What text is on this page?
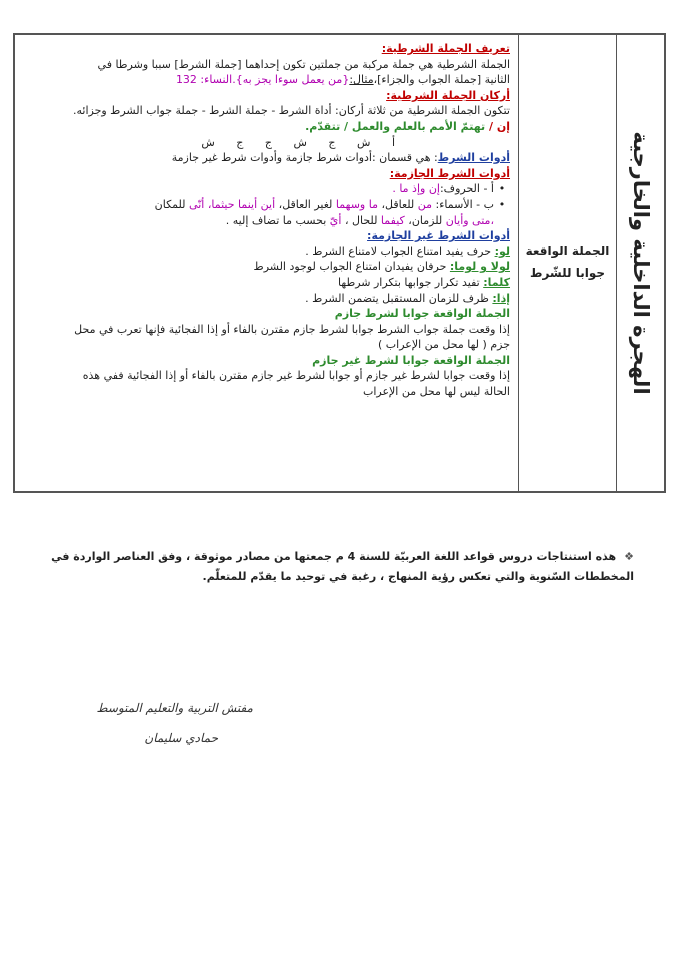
الهجرة الداخلية والخارجية
الجملة الواقعة
جوابا للشّرط

تعريف الجملة الشرطية:

الجملة الشرطية هي جملة مركبة من جملتين تكون إحداهما [جملة الشرط] سببا وشرطا في

الثانية [جملة الجواب والجزاء]،مثال:{من يعمل سوءا يجز به}.النساء: 132

أركان الجملة الشرطية:

تتكون الجملة الشرطية من ثلاثة أركان: أداة الشرط - جملة الشرط - جملة جواب الشرط وجزائه.

إن / تهتمّ الأمم بالعلم والعمل / تتقدّم.

أ ش ج ش ج ج ش

أدوات الشرط: هي قسمان :أدوات شرط جازمة وأدوات شرط غير جازمة

أدوات الشرط الجازمة:

•
أ - الحروف:
إن وإذ ما .
•
ب - الأسماء: من للعاقل، ما وسهما لغير العاقل، أين أينما حيثما، أنّى للمكان
،متى وأيان للزمان، كيفما للحال ، أيّ بحسب ما تضاف إليه .

أدوات الشرط غير الجازمة:

لو: حرف يفيد امتناع الجواب لامتناع الشرط .

لولا و لوما: حرفان يفيدان امتناع الجواب لوجود الشرط

كلما: تفيد تكرار جوابها بتكرار شرطها

إذا: ظرف للزمان المستقبل يتضمن الشرط .

الجملة الواقعة جوابا لشرط جازم

إذا وقعت جملة جواب الشرط جوابا لشرط جازم مقترن بالفاء أو إذا الفجائية فإنها تعرب في محل

جزم ( لها محل من الإعراب )

الجملة الواقعة جوابا لشرط غير جازم

إذا وقعت جوابا لشرط غير جازم أو جوابا لشرط غير جازم مقترن بالفاء أو إذا الفجائية ففي هذه

الحالة ليس لها محل من الإعراب

❖هذه استنتاجات دروس قواعد اللغة العربيّة للسنة 4 م جمعتها من مصادر موثوقة ، وفق العناصر الواردة في المخططات السّنوية والتي تعكس رؤية المنهاج ، رغبة في توحيد ما يقدّم للمتعلّم.
مفتش التربية والتعليم المتوسط
حمادي سليمان
